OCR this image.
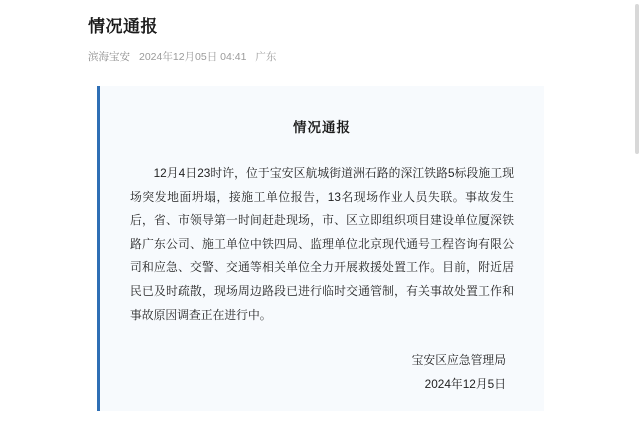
情况通报
滨海宝安 2024年12月05日 04:41 广东
情况通报
12月4日23时许，位于宝安区航城街道洲石路的深江铁路5标段施工现场突发地面坍塌，接施工单位报告，13名现场作业人员失联。事故发生后，省、市领导第一时间赶赴现场，市、区立即组织项目建设单位厦深铁路广东公司、施工单位中铁四局、监理单位北京现代通号工程咨询有限公司和应急、交警、交通等相关单位全力开展救援处置工作。目前，附近居民已及时疏散，现场周边路段已进行临时交通管制，有关事故处置工作和事故原因调查正在进行中。
宝安区应急管理局
2024年12月5日
